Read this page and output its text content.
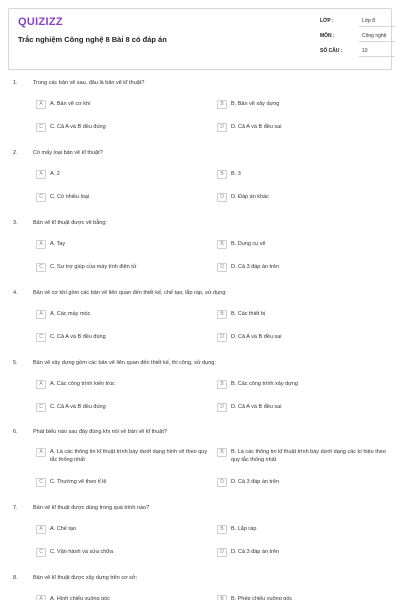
QUIZIZZ
Trắc nghiệm Công nghệ 8 Bài 8 có đáp án
LỚP :	Lớp 8
MÔN :	Công nghệ
SỐ CÂU :	10
1.	Trong các bản vẽ sau, đâu là bản vẽ kĩ thuật?
A	A. Bản vẽ cơ khí	B	B. Bản vẽ xây dựng
C	C. Cả A và B đều đúng	D	D. Cả A và B đều sai
2.	Có mấy loại bản vẽ kĩ thuật?
A	A. 2	B	B. 3
C	C. Có nhiều loại	D	D. Đáp án khác
3.	Bản vẽ kĩ thuật được vẽ bằng:
A	A. Tay	B	B. Dụng cụ vẽ
C	C. Sự trợ giúp của máy tính điện tử	D	D. Cả 3 đáp án trên
4.	Bản vẽ cơ khí gồm các bản vẽ liên quan đến thiết kế, chế tạo, lắp ráp, sử dụng:
A	A. Các máy móc	B	B. Các thiết bị
C	C. Cả A và B đều đúng	D	D. Cả A và B đều sai
5.	Bản vẽ xây dựng gồm các bản vẽ liên quan đến thiết kế, thi công, sử dụng:
A	A. Các công trình kiến trúc	B	B. Các công trình xây dựng
C	C. Cả A và B đều đúng	D	D. Cả A và B đều sai
6.	Phát biểu nào sau đây đúng khi nói về bản vẽ kĩ thuật?
A	A. Là các thông tin kĩ thuật trình bày dưới dạng hình vẽ theo quy tắc thống nhất
B	B. Là các thông tin kĩ thuật trình bày dưới dạng các kí hiệu theo quy tắc thống nhất
C	C. Thường vẽ theo tỉ lệ	D	D. Cả 3 đáp án trên
7.	Bản vẽ kĩ thuật được dùng trong quá trình nào?
A	A. Chế tạo	B	B. Lắp ráp
C	C. Vận hành và sửa chữa	D	D. Cả 3 đáp án trên
8.	Bản vẽ kĩ thuật được xây dựng trên cơ sở:
A	A. Hình chiếu vuông góc	B	B. Phép chiếu vuông góc
